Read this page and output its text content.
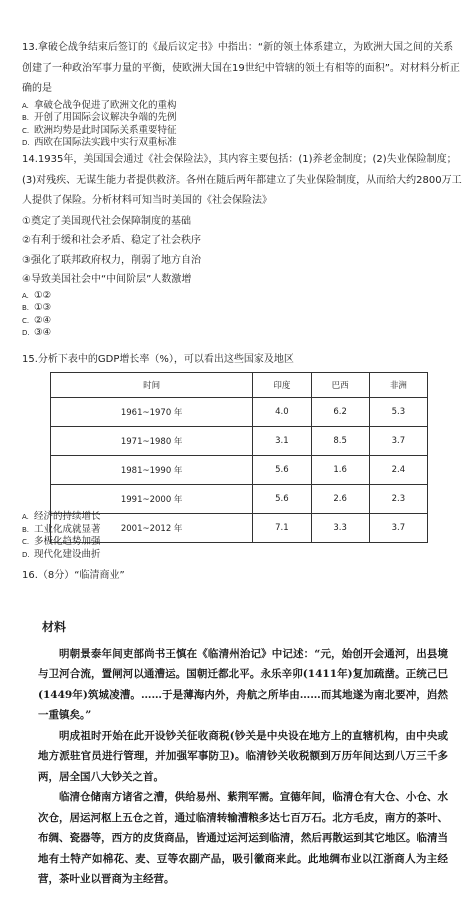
13.拿破仑战争结束后签订的《最后议定书》中指出：“新的领土体系建立，为欧洲大国之间的关系创建了一种政治军事力量的平衡，使欧洲大国在19世纪中管辖的领土有相等的面积”。对材料分析正确的是

A. 拿破仑战争促进了欧洲文化的重构
B. 开创了用国际会议解决争端的先例
C. 欧洲均势是此时国际关系重要特征
D. 西欧在国际法实践中实行双重标准

14.1935年，美国国会通过《社会保险法》，其内容主要包括：(1)养老金制度；(2)失业保险制度；(3)对残疾、无谋生能力者提供救济。各州在随后两年都建立了失业保险制度，从而给大约2800万工人提供了保险。分析材料可知当时美国的《社会保险法》

①奠定了美国现代社会保障制度的基础
②有利于缓和社会矛盾、稳定了社会秩序
③强化了联邦政府权力，削弱了地方自治
④导致美国社会中“中间阶层”人数激增
A. ①②
B. ①③
C. ②④
D. ③④

15.分析下表中的GDP增长率（%），可以看出这些国家及地区

时间	印度	巴西	非洲
1961~1970 年	4.0	6.2	5.3
1971~1980 年	3.1	8.5	3.7
1981~1990 年	5.6	1.6	2.4
1991~2000 年	5.6	2.6	2.3
2001~2012 年	7.1	3.3	3.7
A. 经济的持续增长
B. 工业化成就显著
C. 多极化趋势加强
D. 现代化建设曲折

16.（8分）“临清商业”

材料

明朝景泰年间吏部尚书王慎在《临清州治记》中记述：“元，始创开会通河，出县境与卫河合流，置闸河以通漕运。国朝迁都北平。永乐辛卯(1411年)复加疏凿。正统己巳(1449年)筑城凌漕。……于是薄海内外，舟航之所毕由……而其地遂为南北要冲，岿然一重镇矣。”

明成祖时开始在此开设钞关征收商税(钞关是中央设在地方上的直辖机构，由中央或地方派驻官员进行管理，并加强军事防卫)。临清钞关收税额到万历年间达到八万三千多两，居全国八大钞关之首。

临清仓储南方诸省之漕，供给易州、紫荆军需。宣德年间，临清仓有大仓、小仓、水次仓，居运河枢上五仓之首，通过临清转输漕粮多达七百万石。北方毛皮，南方的茶叶、布绸、瓷器等，西方的皮货商品，皆通过运河运到临清，然后再散运到其它地区。临清当地有土特产如棉花、麦、豆等农副产品，吸引徽商来此。此地绸布业以江浙商人为主经营，茶叶业以晋商为主经营。
